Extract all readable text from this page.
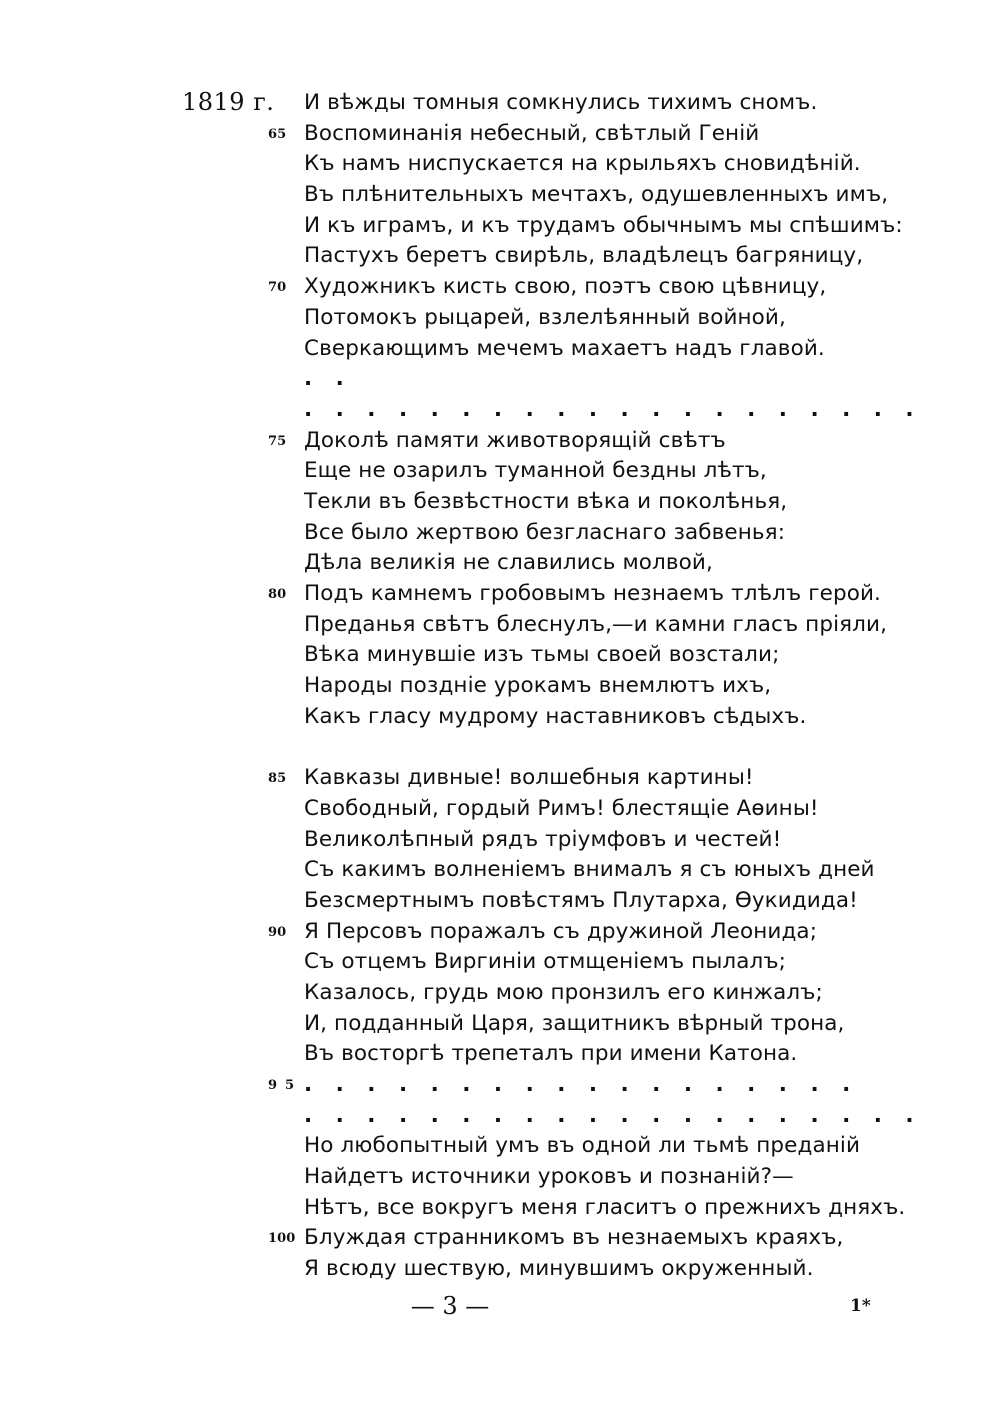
1819 г. И вѣжды томныя сомкнулись тихимъ сномъ.
65 Воспоминанія небесный, свѣтлый Геній
Къ намъ ниспускается на крыльяхъ сновидѣній.
Въ плѣнительныхъ мечтахъ, одушевленныхъ имъ,
И къ играмъ, и къ трудамъ обычнымъ мы спѣшимъ:
Пастухъ беретъ свирѣль, владѣлецъ багряницу,
70 Художникъ кисть свою, поэтъ свою цѣвницу,
Потомокъ рыцарей, взлелѣянный войной,
Сверкающимъ мечемъ махаетъ надъ главой.
. .
. . . . . . . . . . . . . . . . . . . .
75 Доколѣ памяти животворящій свѣтъ
Еще не озарилъ туманной бездны лѣтъ,
Текли въ безвѣстности вѣка и поколѣнья,
Все было жертвою безгласнаго забвенья:
Дѣла великія не славились молвой,
80 Подъ камнемъ гробовымъ незнаемъ тлѣлъ герой.
Преданья свѣтъ блеснулъ,—и камни гласъ пріяли,
Вѣка минувшіе изъ тьмы своей возстали;
Народы поздніе урокамъ внемлютъ ихъ,
Какъ гласу мудрому наставниковъ сѣдыхъ.
85 Кавказы дивные! волшебныя картины!
Свободный, гордый Римъ! блестящіе Аѳины!
Великолѣпный рядъ тріумфовъ и честей!
Съ какимъ волненіемъ внималъ я съ юныхъ дней
Безсмертнымъ повѣстямъ Плутарха, Ѳукидида!
90 Я Персовъ поражалъ съ дружиной Леонида;
Съ отцемъ Виргиніи отмщеніемъ пылалъ;
Казалось, грудь мою пронзилъ его кинжалъ;
И, подданный Царя, защитникъ вѣрный трона,
Въ восторгѣ трепеталъ при имени Катона.
95 . . . . . . . . . . . . . . . . . .
. . . . . . . . . . . . . . . . . . . .
Но любопытный умъ въ одной ли тьмѣ преданій
Найдетъ источники уроковъ и познаній?—
Нѣтъ, все вокругъ меня гласитъ о прежнихъ дняхъ.
100 Блуждая странникомъ въ незнаемыхъ краяхъ,
Я всюду шествую, минувшимъ окруженный.
— 3 —	1*
